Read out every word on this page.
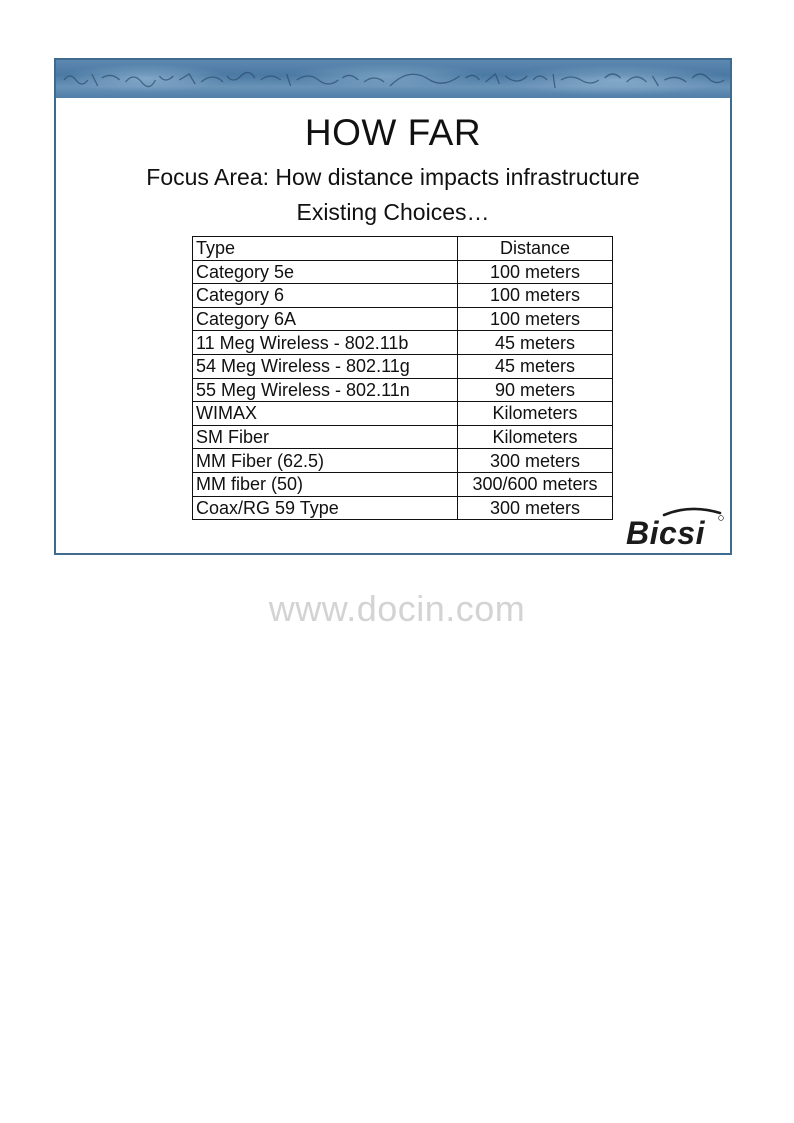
HOW FAR
Focus Area: How distance impacts infrastructure
Existing Choices…
Type	Distance
Category 5e	100 meters
Category 6	100 meters
Category 6A	100 meters
11 Meg Wireless - 802.11b	45 meters
54 Meg Wireless - 802.11g	45 meters
55 Meg Wireless - 802.11n	90 meters
WIMAX	Kilometers
SM Fiber	Kilometers
MM Fiber (62.5)	300 meters
MM fiber (50)	300/600 meters
Coax/RG 59 Type	300 meters
Bicsi
www.docin.com
